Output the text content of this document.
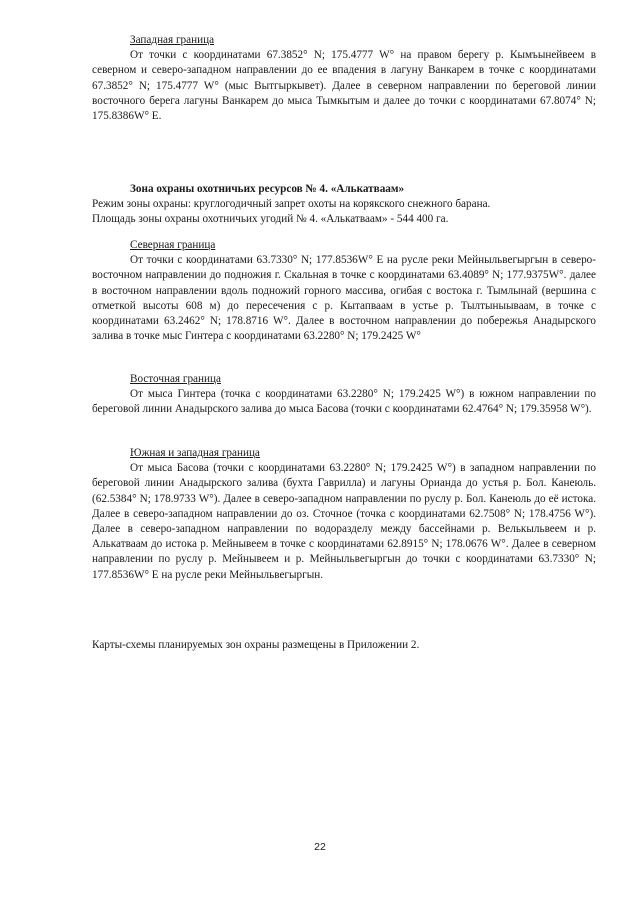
Западная граница

От точки с координатами 67.3852° N; 175.4777 W° на правом берегу р. Кымъынейвеем в северном и северо-западном направлении до ее впадения в лагуну Ванкарем в точке с координатами 67.3852° N; 175.4777 W° (мыс Вытгыркывет). Далее в северном направлении по береговой линии восточного берега лагуны Ванкарем до мыса Тымкытым и далее до точки с координатами 67.8074° N; 175.8386W° E.

Зона охраны охотничьих ресурсов № 4. «Алькатваам»

Режим зоны охраны: круглогодичный запрет охоты на корякского снежного барана.

Площадь зоны охраны охотничьих угодий № 4. «Алькатваам» - 544 400 га.

Северная граница

От точки с координатами 63.7330° N; 177.8536W° E на русле реки Мейныльвегыргын в северо-восточном направлении до подножия г. Скальная в точке с координатами 63.4089° N; 177.9375W°. далее в восточном направлении вдоль подножий горного массива, огибая с востока г. Тымлынай (вершина с отметкой высоты 608 м) до пересечения с р. Кытапваам в устье р. Тылтыныываам, в точке с координатами 63.2462° N; 178.8716 W°. Далее в восточном направлении до побережья Анадырского залива в точке мыс Гинтера с координатами 63.2280° N; 179.2425 W°

Восточная граница

От мыса Гинтера (точка с координатами 63.2280° N; 179.2425 W°) в южном направлении по береговой линии Анадырского залива до мыса Басова (точки с координатами 62.4764° N; 179.35958 W°).

Южная и западная граница

От мыса Басова (точки с координатами 63.2280° N; 179.2425 W°) в западном направлении по береговой линии Анадырского залива (бухта Гаврилла) и лагуны Орианда до устья р. Бол. Канеюль. (62.5384° N; 178.9733 W°). Далее в северо-западном направлении по руслу р. Бол. Канеюль до её истока. Далее в северо-западном направлении до оз. Сточное (точка с координатами 62.7508° N; 178.4756 W°). Далее в северо-западном направлении по водоразделу между бассейнами р. Велькыльвеем и р. Алькатваам до истока р. Мейнывеем в точке с координатами 62.8915° N; 178.0676 W°. Далее в северном направлении по руслу р. Мейнывеем и р. Мейныльвегыргын до точки с координатами 63.7330° N; 177.8536W° E на русле реки Мейныльвегыргын.

Карты-схемы планируемых зон охраны размещены в Приложении 2.

22
